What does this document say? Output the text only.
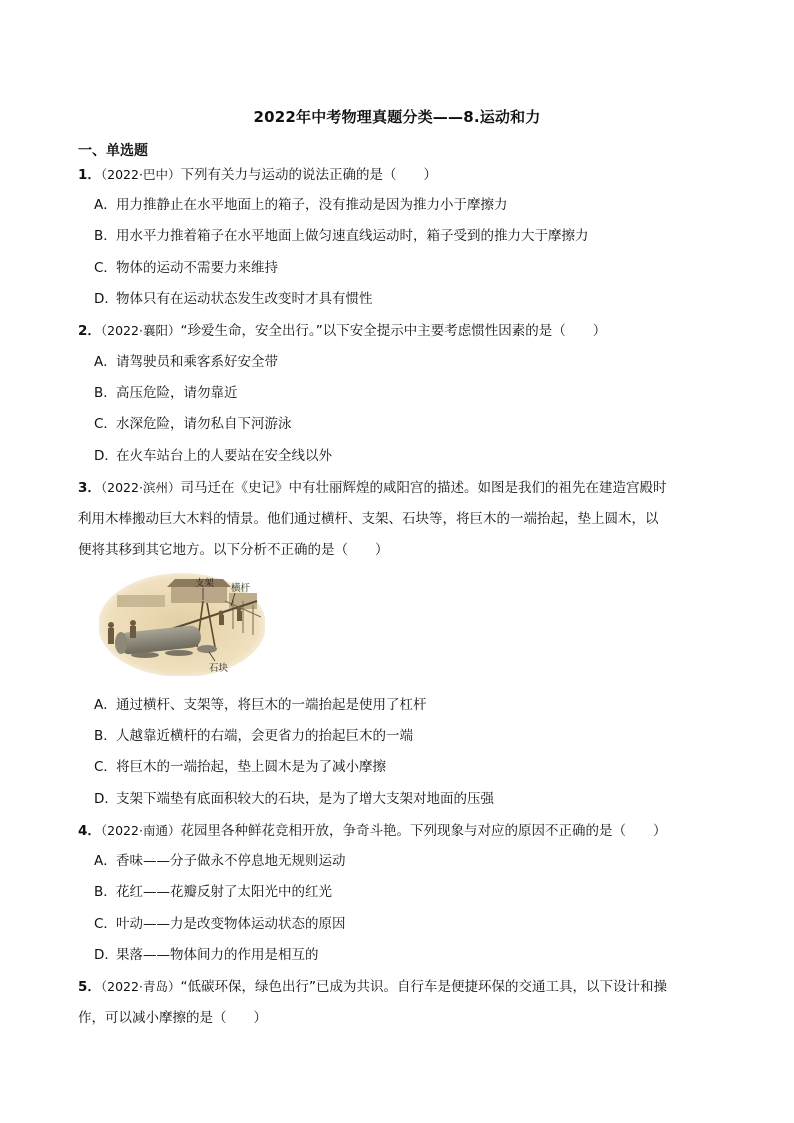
2022年中考物理真题分类——8.运动和力
一、单选题
1．（2022·巴中）下列有关力与运动的说法正确的是（　　）
A．用力推静止在水平地面上的箱子，没有推动是因为推力小于摩擦力
B．用水平力推着箱子在水平地面上做匀速直线运动时，箱子受到的推力大于摩擦力
C．物体的运动不需要力来维持
D．物体只有在运动状态发生改变时才具有惯性
2．（2022·襄阳）“珍爱生命，安全出行。”以下安全提示中主要考虑惯性因素的是（　　）
A．请驾驶员和乘客系好安全带
B．高压危险，请勿靠近
C．水深危险，请勿私自下河游泳
D．在火车站台上的人要站在安全线以外
3．（2022·滨州）司马迁在《史记》中有壮丽辉煌的咸阳宫的描述。如图是我们的祖先在建造宫殿时
利用木棒搬动巨大木料的情景。他们通过横杆、支架、石块等，将巨木的一端抬起，垫上圆木，以
便将其移到其它地方。以下分析不正确的是（　　）
支架 横杆
石块
A．通过横杆、支架等，将巨木的一端抬起是使用了杠杆
B．人越靠近横杆的右端，会更省力的抬起巨木的一端
C．将巨木的一端抬起，垫上圆木是为了减小摩擦
D．支架下端垫有底面积较大的石块，是为了增大支架对地面的压强
4．（2022·南通）花园里各种鲜花竞相开放，争奇斗艳。下列现象与对应的原因不正确的是（　　）
A．香味——分子做永不停息地无规则运动
B．花红——花瓣反射了太阳光中的红光
C．叶动——力是改变物体运动状态的原因
D．果落——物体间力的作用是相互的
5．（2022·青岛）“低碳环保，绿色出行”已成为共识。自行车是便捷环保的交通工具，以下设计和操
作，可以减小摩擦的是（　　）
